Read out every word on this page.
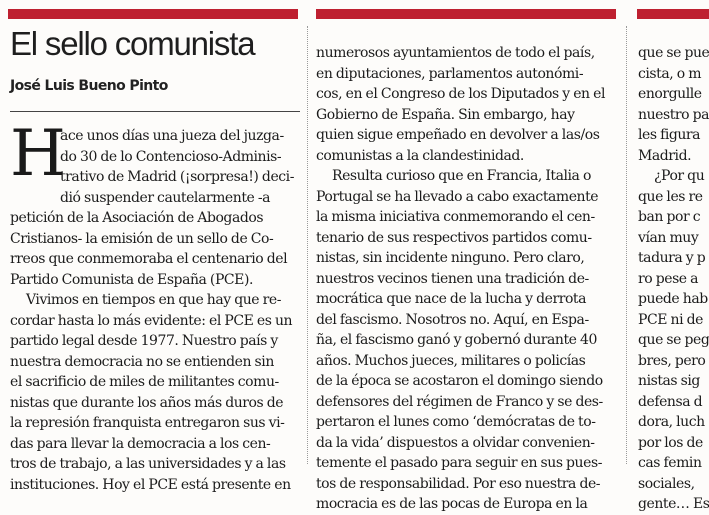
El sello comunista

José Luis Bueno Pinto

H
ace unos días una jueza del juzga-
do 30 de lo Contencioso-Adminis-
trativo de Madrid (¡sorpresa!) deci-
dió suspender cautelarmente -a
petición de la Asociación de Abogados
Cristianos- la emisión de un sello de Co-
rreos que conmemoraba el centenario del
Partido Comunista de España (PCE).
Vivimos en tiempos en que hay que re-
cordar hasta lo más evidente: el PCE es un
partido legal desde 1977. Nuestro país y
nuestra democracia no se entienden sin
el sacrificio de miles de militantes comu-
nistas que durante los años más duros de
la represión franquista entregaron sus vi-
das para llevar la democracia a los cen-
tros de trabajo, a las universidades y a las
instituciones. Hoy el PCE está presente en
numerosos ayuntamientos de todo el país,
en diputaciones, parlamentos autonómi-
cos, en el Congreso de los Diputados y en el
Gobierno de España. Sin embargo, hay
quien sigue empeñado en devolver a las/os
comunistas a la clandestinidad.
Resulta curioso que en Francia, Italia o
Portugal se ha llevado a cabo exactamente
la misma iniciativa conmemorando el cen-
tenario de sus respectivos partidos comu-
nistas, sin incidente ninguno. Pero claro,
nuestros vecinos tienen una tradición de-
mocrática que nace de la lucha y derrota
del fascismo. Nosotros no. Aquí, en Espa-
ña, el fascismo ganó y gobernó durante 40
años. Muchos jueces, militares o policías
de la época se acostaron el domingo siendo
defensores del régimen de Franco y se des-
pertaron el lunes como ‘demócratas de to-
da la vida’ dispuestos a olvidar convenien-
temente el pasado para seguir en sus pues-
tos de responsabilidad. Por eso nuestra de-
mocracia es de las pocas de Europa en la
que se pue
cista, o m
enorgulle
nuestro pa
les figura
Madrid.
¿Por qu
que les re
ban por c
vían muy
tadura y p
ro pese a
puede hab
PCE ni de
que se peg
bres, pero
nistas sig
defensa d
dora, luch
por los de
cas femin
sociales,
gente… Es
